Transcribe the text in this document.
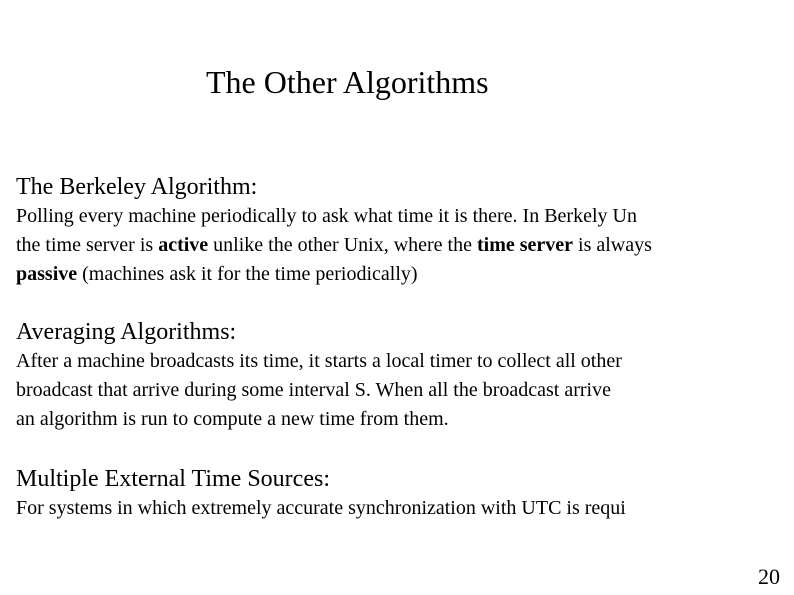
The Other Algorithms
The Berkeley Algorithm:
Polling every machine periodically to ask what time it is there. In Berkely Un
the time server is active unlike the other Unix, where the time server is always
passive (machines ask it for the time periodically)
Averaging Algorithms:
After a machine broadcasts its time, it starts a local timer to collect all other
broadcast that arrive during some interval S. When all the broadcast arrive
an algorithm is run to compute a new time from them.
Multiple External Time Sources:
For systems in which extremely accurate synchronization with UTC is requi
20
